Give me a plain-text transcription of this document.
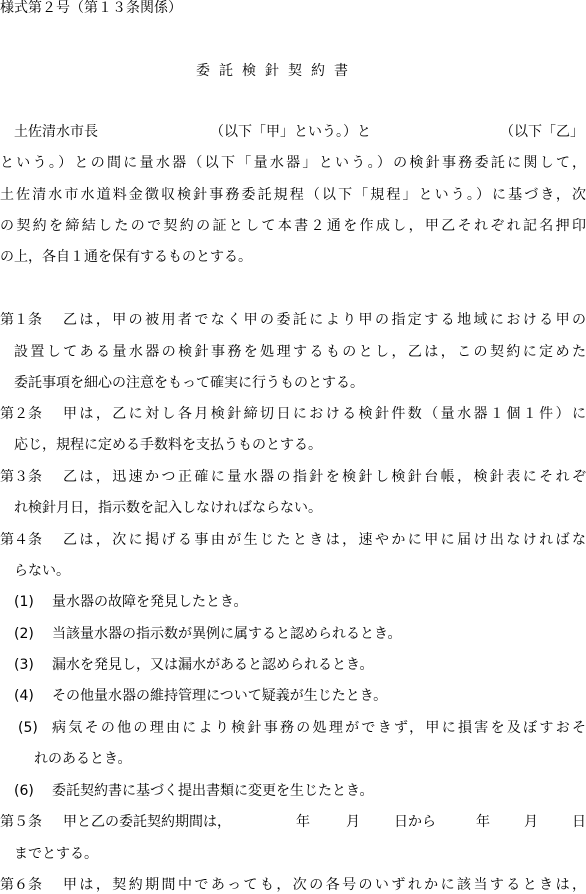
様式第２号（第１３条関係）
委託検針契約書
土佐清水市長	（以下「甲」という。）と	（以下「乙」
という。）との間に量水器（以下「量水器」という。）の検針事務委託に関して，
土佐清水市水道料金徴収検針事務委託規程（以下「規程」という。）に基づき，次
の契約を締結したので契約の証として本書２通を作成し，甲乙それぞれ記名押印
の上，各自１通を保有するものとする。
第１条 乙は，甲の被用者でなく甲の委託により甲の指定する地域における甲の
設置してある量水器の検針事務を処理するものとし，乙は，この契約に定めた
委託事項を細心の注意をもって確実に行うものとする。
第２条 甲は，乙に対し各月検針締切日における検針件数（量水器１個１件）に
応じ，規程に定める手数料を支払うものとする。
第３条 乙は，迅速かつ正確に量水器の指針を検針し検針台帳，検針表にそれぞ
れ検針月日，指示数を記入しなければならない。
第４条 乙は，次に掲げる事由が生じたときは，速やかに甲に届け出なければな
らない。
(1) 量水器の故障を発見したとき。
(2) 当該量水器の指示数が異例に属すると認められるとき。
(3) 漏水を発見し，又は漏水があると認められるとき。
(4) その他量水器の維持管理について疑義が生じたとき。
(5) 病気その他の理由により検針事務の処理ができず，甲に損害を及ぼすおそ
れのあるとき。
(6) 委託契約書に基づく提出書類に変更を生じたとき。
第５条 甲と乙の委託契約期間は，	年	月 日から	年 月 日
までとする。
第６条 甲は，契約期間中であっても，次の各号のいずれかに該当するときは，
